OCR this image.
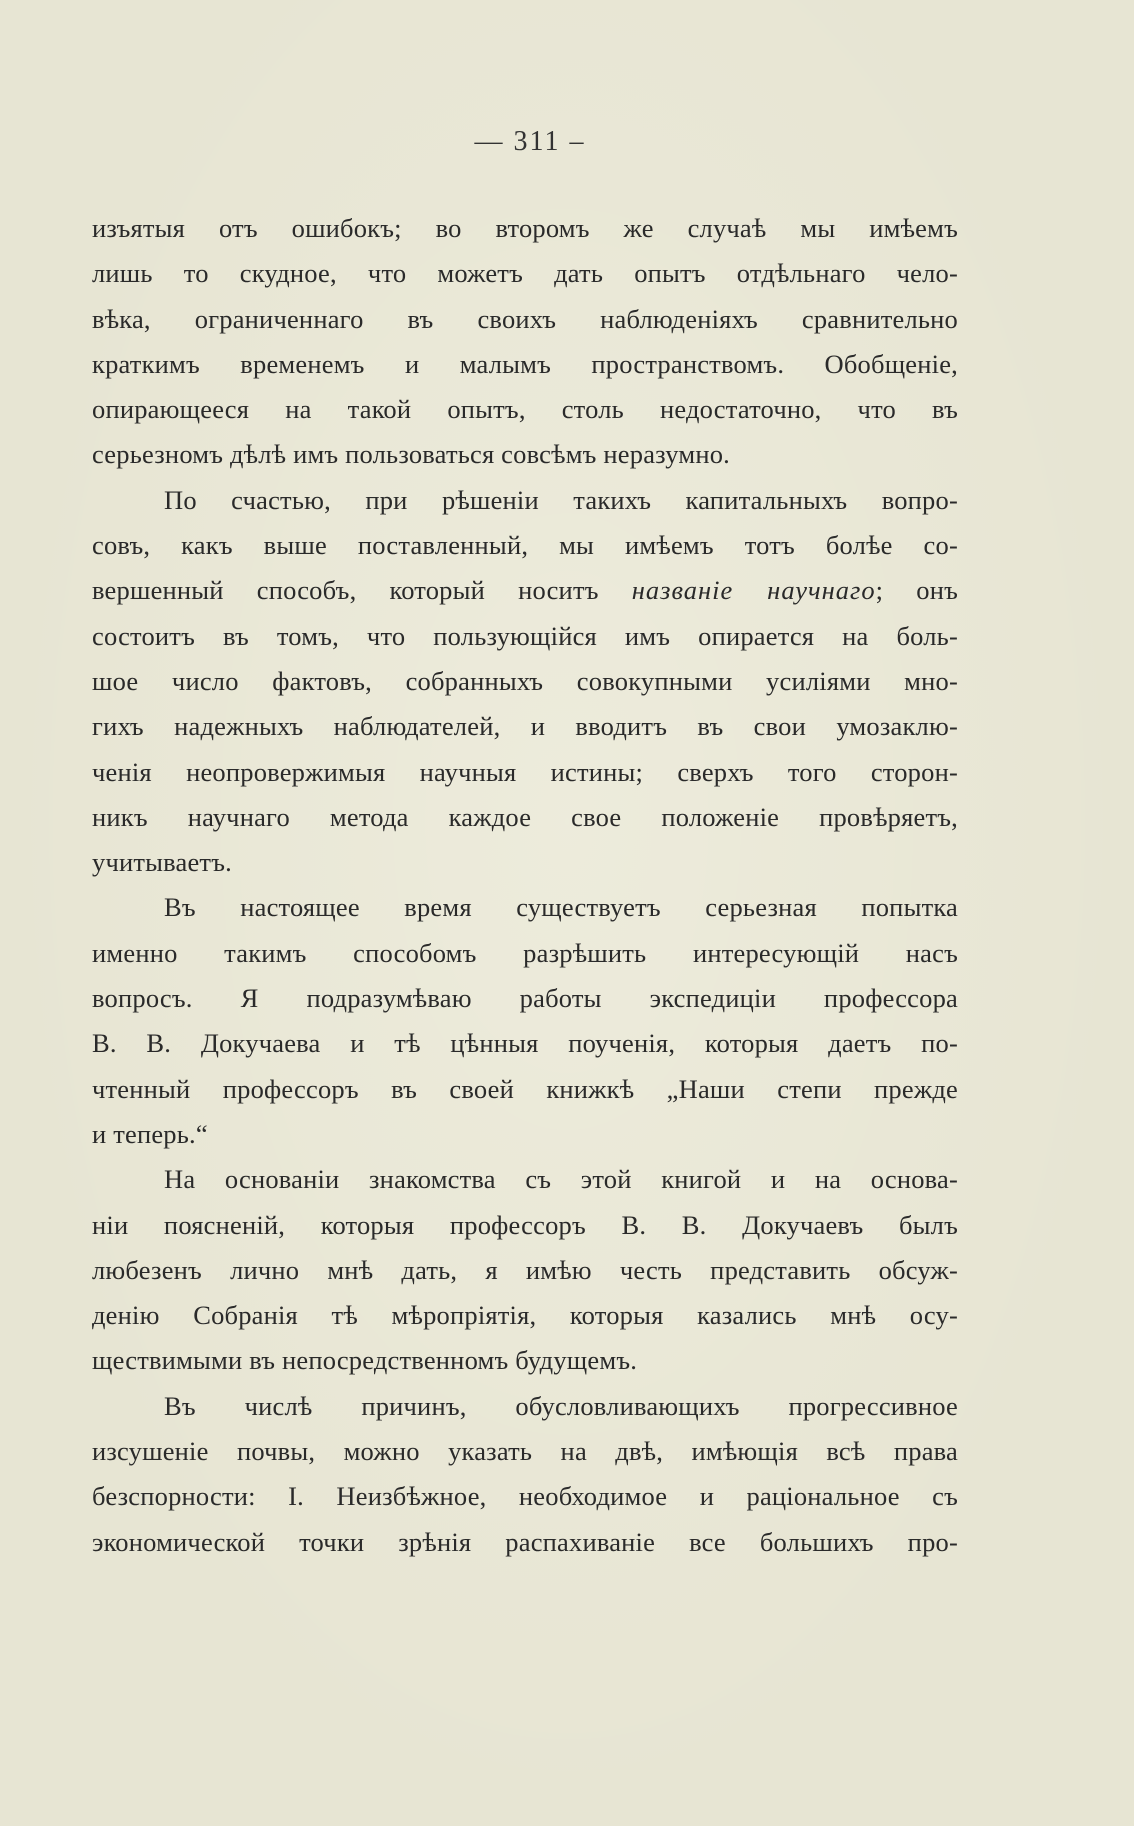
— 311 –
изъятыя отъ ошибокъ; во второмъ же случаѣ мы имѣемъ
лишь то скудное, что можетъ дать опытъ отдѣльнаго чело-
вѣка, ограниченнаго въ своихъ наблюденіяхъ сравнительно
краткимъ временемъ и малымъ пространствомъ. Обобщеніе,
опирающееся на такой опытъ, столь недостаточно, что въ
серьезномъ дѣлѣ имъ пользоваться совсѣмъ неразумно.
По счастью, при рѣшеніи такихъ капитальныхъ вопро-
совъ, какъ выше поставленный, мы имѣемъ тотъ болѣе со-
вершенный способъ, который носитъ названіе научнаго; онъ
состоитъ въ томъ, что пользующійся имъ опирается на боль-
шое число фактовъ, собранныхъ совокупными усиліями мно-
гихъ надежныхъ наблюдателей, и вводитъ въ свои умозаклю-
ченія неопровержимыя научныя истины; сверхъ того сторон-
никъ научнаго метода каждое свое положеніе провѣряетъ,
учитываетъ.
Въ настоящее время существуетъ серьезная попытка
именно такимъ способомъ разрѣшить интересующій насъ
вопросъ. Я подразумѣваю работы экспедиціи профессора
В. В. Докучаева и тѣ цѣнныя поученія, которыя даетъ по-
чтенный профессоръ въ своей книжкѣ „Наши степи прежде
и теперь.“
На основаніи знакомства съ этой книгой и на основа-
ніи поясненій, которыя профессоръ В. В. Докучаевъ былъ
любезенъ лично мнѣ дать, я имѣю честь представить обсуж-
денію Собранія тѣ мѣропріятія, которыя казались мнѣ осу-
ществимыми въ непосредственномъ будущемъ.
Въ числѣ причинъ, обусловливающихъ прогрессивное
изсушеніе почвы, можно указать на двѣ, имѣющія всѣ права
безспорности: I. Неизбѣжное, необходимое и раціональное съ
экономической точки зрѣнія распахиваніе все большихъ про-
